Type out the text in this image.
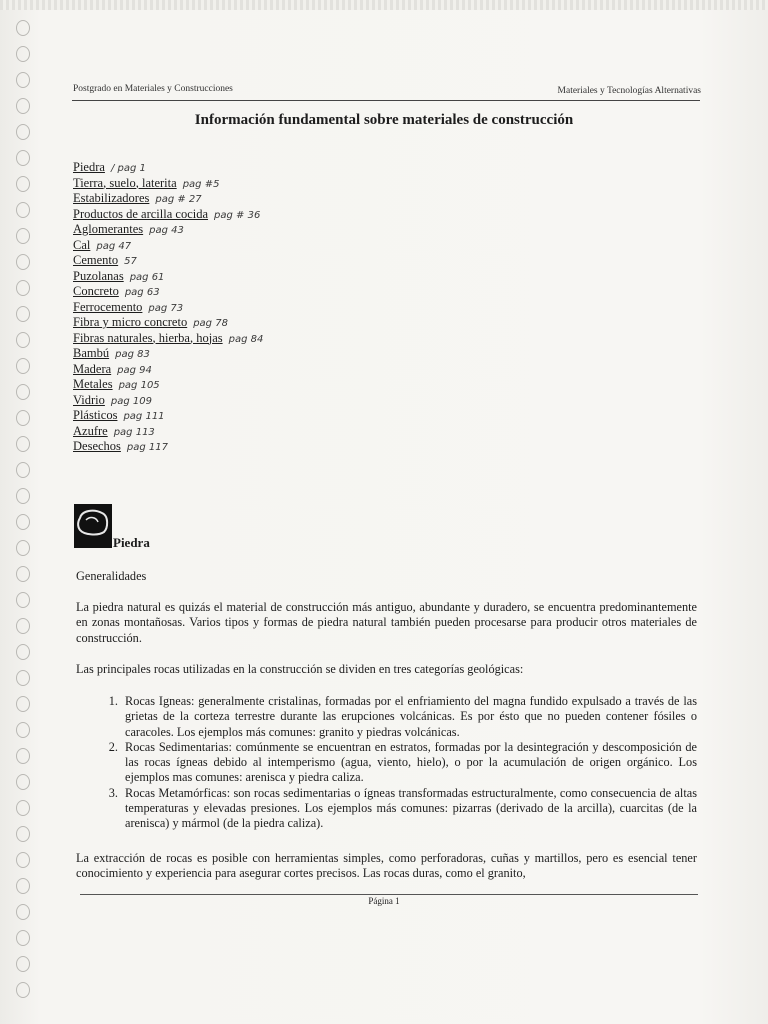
Postgrado en Materiales y Construcciones	Materiales y Tecnologías Alternativas
Información fundamental sobre materiales de construcción
Piedra / pag 1
Tierra, suelo, laterita pag #5
Estabilizadores pag # 27
Productos de arcilla cocida pag # 36
Aglomerantes pag 43
Cal pag 47
Cemento 57
Puzolanas pag 61
Concreto pag 63
Ferrocemento pag 73
Fibra y micro concreto pag 78
Fibras naturales, hierba, hojas pag 84
Bambú pag 83
Madera pag 94
Metales pag 105
Vidrio pag 109
Plásticos pag 111
Azufre pag 113
Desechos pag 117
Piedra
Generalidades
La piedra natural es quizás el material de construcción más antiguo, abundante y duradero, se encuentra predominantemente en zonas montañosas. Varios tipos y formas de piedra natural también pueden procesarse para producir otros materiales de construcción.
Las principales rocas utilizadas en la construcción se dividen en tres categorías geológicas:
1. Rocas Igneas: generalmente cristalinas, formadas por el enfriamiento del magna fundido expulsado a través de las grietas de la corteza terrestre durante las erupciones volcánicas. Es por ésto que no pueden contener fósiles o caracoles. Los ejemplos más comunes: granito y piedras volcánicas.
2. Rocas Sedimentarias: comúnmente se encuentran en estratos, formadas por la desintegración y descomposición de las rocas ígneas debido al intemperismo (agua, viento, hielo), o por la acumulación de origen orgánico. Los ejemplos mas comunes: arenisca y piedra caliza.
3. Rocas Metamórficas: son rocas sedimentarias o ígneas transformadas estructuralmente, como consecuencia de altas temperaturas y elevadas presiones. Los ejemplos más comunes: pizarras (derivado de la arcilla), cuarcitas (de la arenisca) y mármol (de la piedra caliza).
La extracción de rocas es posible con herramientas simples, como perforadoras, cuñas y martillos, pero es esencial tener conocimiento y experiencia para asegurar cortes precisos. Las rocas duras, como el granito,
Página 1
